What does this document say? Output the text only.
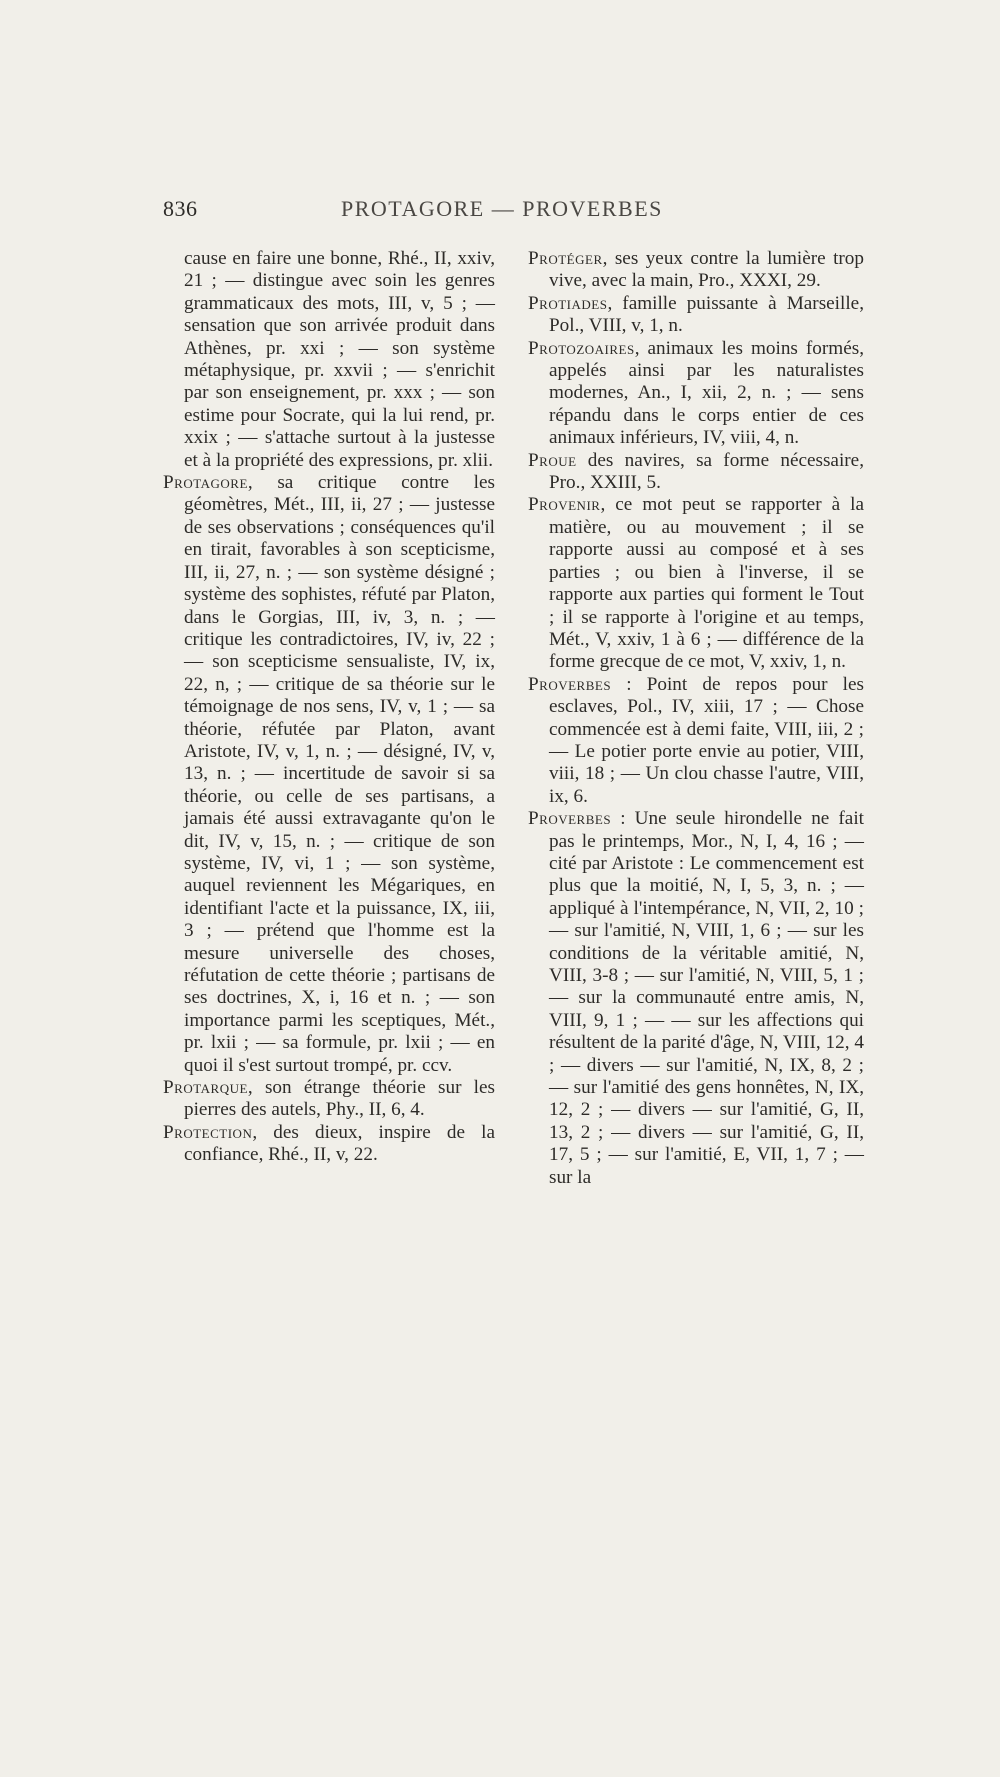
836	PROTAGORE — PROVERBES

cause en faire une bonne, Rhé., II, xxiv, 21 ; — distingue avec soin les genres grammaticaux des mots, III, v, 5 ; — sensation que son arrivée produit dans Athènes, pr. xxi ; — son système métaphysique, pr. xxvii ; — s'enrichit par son enseignement, pr. xxx ; — son estime pour Socrate, qui la lui rend, pr. xxix ; — s'attache surtout à la justesse et à la propriété des expressions, pr. xlii.

Protagore, sa critique contre les géomètres, Mét., III, ii, 27 ; — justesse de ses observations ; conséquences qu'il en tirait, favorables à son scepticisme, III, ii, 27, n. ; — son système désigné ; système des sophistes, réfuté par Platon, dans le Gorgias, III, iv, 3, n. ; — critique les contradictoires, IV, iv, 22 ; — son scepticisme sensualiste, IV, ix, 22, n, ; — critique de sa théorie sur le témoignage de nos sens, IV, v, 1 ; — sa théorie, réfutée par Platon, avant Aristote, IV, v, 1, n. ; — désigné, IV, v, 13, n. ; — incertitude de savoir si sa théorie, ou celle de ses partisans, a jamais été aussi extravagante qu'on le dit, IV, v, 15, n. ; — critique de son système, IV, vi, 1 ; — son système, auquel reviennent les Mégariques, en identifiant l'acte et la puissance, IX, iii, 3 ; — prétend que l'homme est la mesure universelle des choses, réfutation de cette théorie ; partisans de ses doctrines, X, i, 16 et n. ; — son importance parmi les sceptiques, Mét., pr. lxii ; — sa formule, pr. lxii ; — en quoi il s'est surtout trompé, pr. ccv.

Protarque, son étrange théorie sur les pierres des autels, Phy., II, 6, 4.

Protection, des dieux, inspire de la confiance, Rhé., II, v, 22.

Protéger, ses yeux contre la lumière trop vive, avec la main, Pro., XXXI, 29.

Protiades, famille puissante à Marseille, Pol., VIII, v, 1, n.

Protozoaires, animaux les moins formés, appelés ainsi par les naturalistes modernes, An., I, xii, 2, n. ; — sens répandu dans le corps entier de ces animaux inférieurs, IV, viii, 4, n.

Proue des navires, sa forme nécessaire, Pro., XXIII, 5.

Provenir, ce mot peut se rapporter à la matière, ou au mouvement ; il se rapporte aussi au composé et à ses parties ; ou bien à l'inverse, il se rapporte aux parties qui forment le Tout ; il se rapporte à l'origine et au temps, Mét., V, xxiv, 1 à 6 ; — différence de la forme grecque de ce mot, V, xxiv, 1, n.

Proverbes : Point de repos pour les esclaves, Pol., IV, xiii, 17 ; — Chose commencée est à demi faite, VIII, iii, 2 ; — Le potier porte envie au potier, VIII, viii, 18 ; — Un clou chasse l'autre, VIII, ix, 6.

Proverbes : Une seule hirondelle ne fait pas le printemps, Mor., N, I, 4, 16 ; — cité par Aristote : Le commencement est plus que la moitié, N, I, 5, 3, n. ; — appliqué à l'intempérance, N, VII, 2, 10 ; — sur l'amitié, N, VIII, 1, 6 ; — sur les conditions de la véritable amitié, N, VIII, 3-8 ; — sur l'amitié, N, VIII, 5, 1 ; — sur la communauté entre amis, N, VIII, 9, 1 ; — — sur les affections qui résultent de la parité d'âge, N, VIII, 12, 4 ; — divers — sur l'amitié, N, IX, 8, 2 ; — sur l'amitié des gens honnêtes, N, IX, 12, 2 ; — divers — sur l'amitié, G, II, 13, 2 ; — divers — sur l'amitié, G, II, 17, 5 ; — sur l'amitié, E, VII, 1, 7 ; — sur la
